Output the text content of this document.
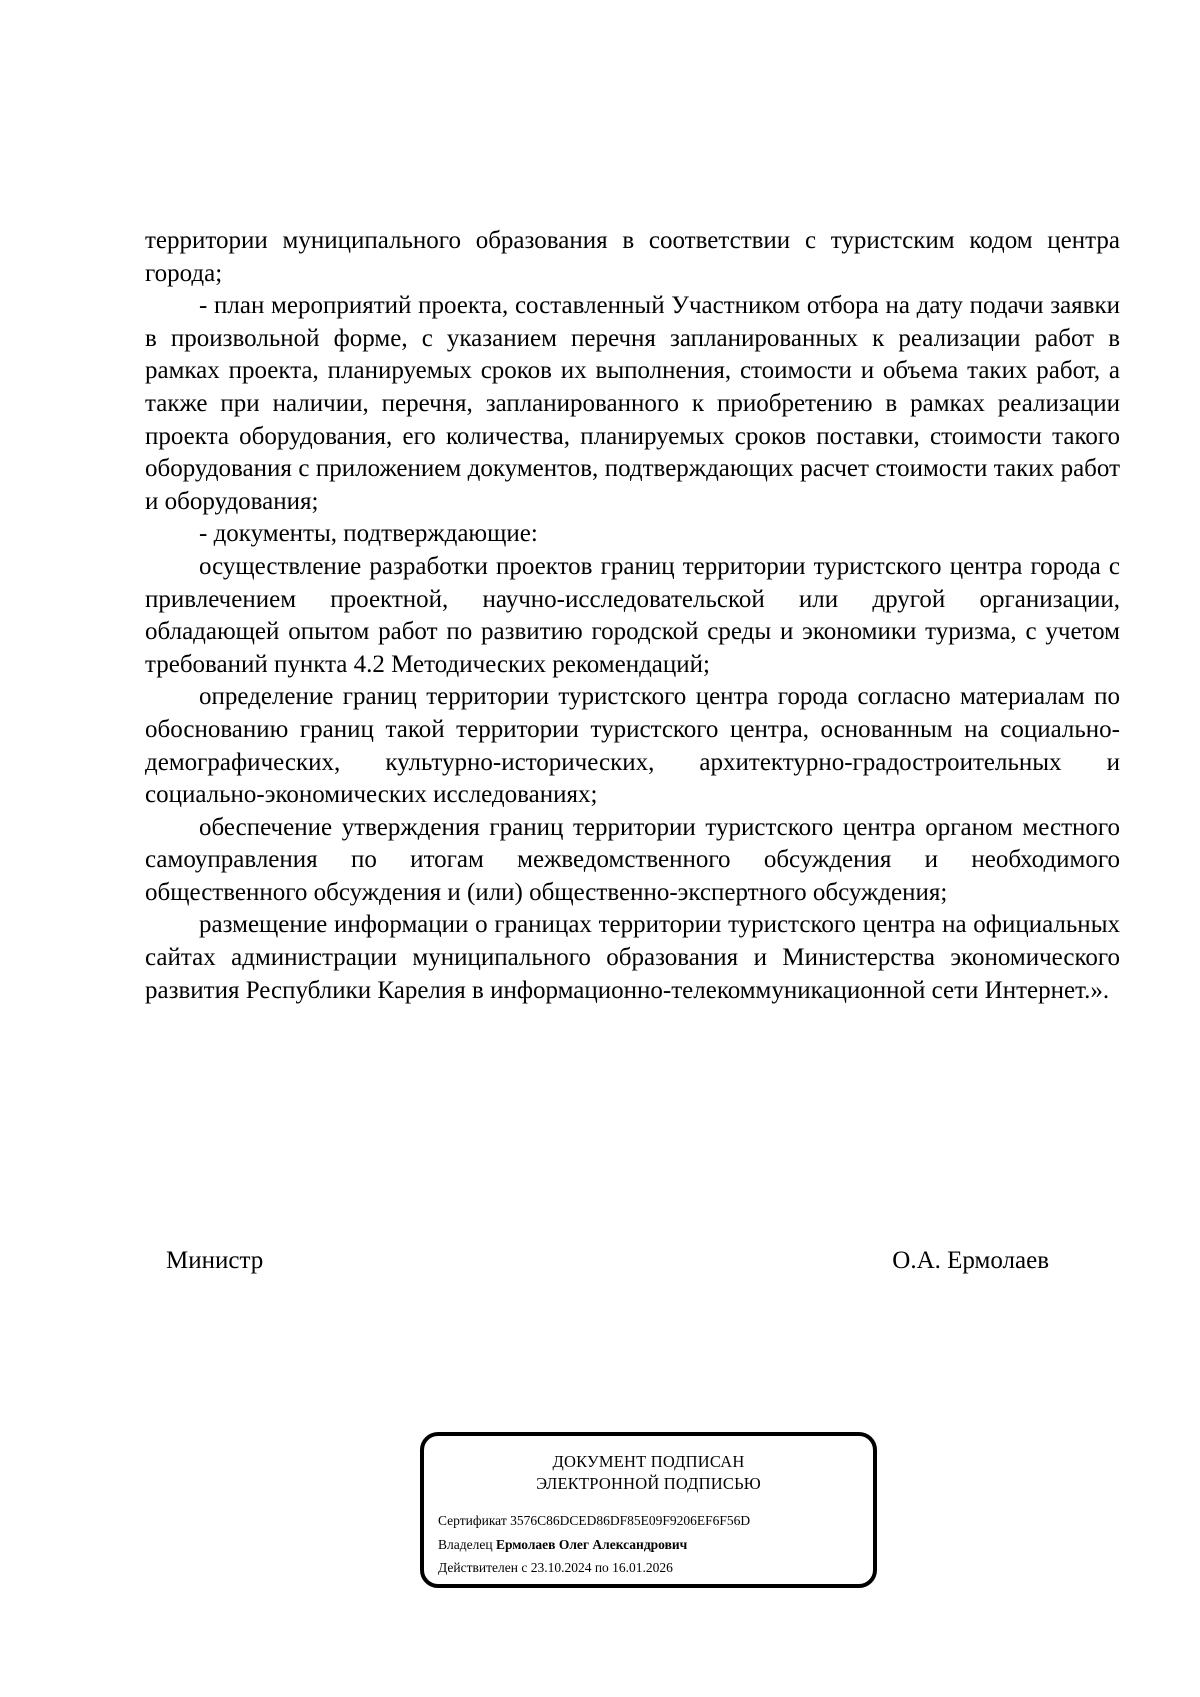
территории муниципального образования в соответствии с туристским кодом центра города;

- план мероприятий проекта, составленный Участником отбора на дату подачи заявки в произвольной форме, с указанием перечня запланированных к реализации работ в рамках проекта, планируемых сроков их выполнения, стоимости и объема таких работ, а также при наличии, перечня, запланированного к приобретению в рамках реализации проекта оборудования, его количества, планируемых сроков поставки, стоимости такого оборудования с приложением документов, подтверждающих расчет стоимости таких работ и оборудования;

- документы, подтверждающие:

осуществление разработки проектов границ территории туристского центра города с привлечением проектной, научно-исследовательской или другой организации, обладающей опытом работ по развитию городской среды и экономики туризма, с учетом требований пункта 4.2 Методических рекомендаций;

определение границ территории туристского центра города согласно материалам по обоснованию границ такой территории туристского центра, основанным на социально-демографических, культурно-исторических, архитектурно-градостроительных и социально-экономических исследованиях;

обеспечение утверждения границ территории туристского центра органом местного самоуправления по итогам межведомственного обсуждения и необходимого общественного обсуждения и (или) общественно-экспертного обсуждения;

размещение информации о границах территории туристского центра на официальных сайтах администрации муниципального образования и Министерства экономического развития Республики Карелия в информационно-телекоммуникационной сети Интернет.».

Министр	О.А. Ермолаев
ДОКУМЕНТ ПОДПИСАН
ЭЛЕКТРОННОЙ ПОДПИСЬЮ
Сертификат 3576C86DCED86DF85E09F9206EF6F56D
Владелец Ермолаев Олег Александрович
Действителен с 23.10.2024 по 16.01.2026
